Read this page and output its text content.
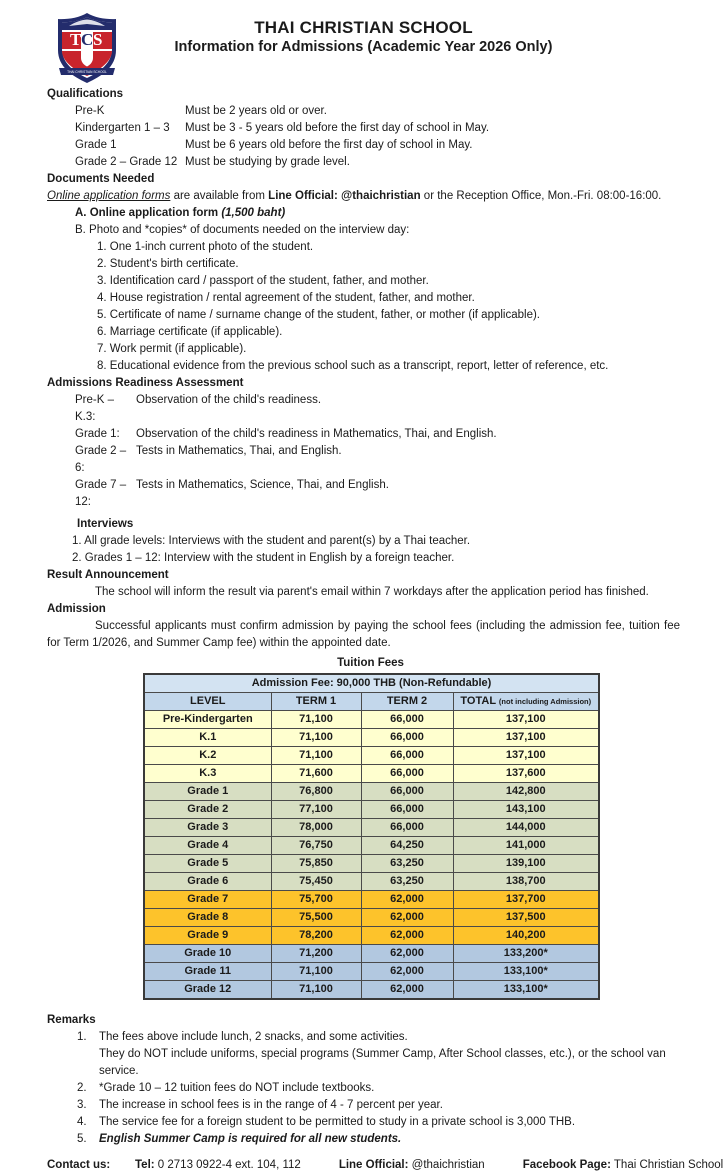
T C S
THAI CHRISTIAN SCHOOL
THAI CHRISTIAN SCHOOL
Information for Admissions (Academic Year 2026 Only)
Qualifications
Pre-K	Must be 2 years old or over.
Kindergarten 1 – 3	Must be 3 - 5 years old before the first day of school in May.
Grade 1	Must be 6 years old before the first day of school in May.
Grade 2 – Grade 12 Must be studying by grade level.
Documents Needed
Online application forms are available from Line Official: @thaichristian or the Reception Office, Mon.-Fri. 08:00-16:00.
A. Online application form (1,500 baht)
B. Photo and *copies* of documents needed on the interview day:
1. One 1-inch current photo of the student.
2. Student's birth certificate.
3. Identification card / passport of the student, father, and mother.
4. House registration / rental agreement of the student, father, and mother.
5. Certificate of name / surname change of the student, father, or mother (if applicable).
6. Marriage certificate (if applicable).
7. Work permit (if applicable).
8. Educational evidence from the previous school such as a transcript, report, letter of reference, etc.
Admissions Readiness Assessment
Pre-K – K.3:
Observation of the child's readiness.
Grade 1:	Observation of the child's readiness in Mathematics, Thai, and English.
Grade 2 – 6:
Tests in Mathematics, Thai, and English.
Grade 7 – 12:
Tests in Mathematics, Science, Thai, and English.
Interviews
1. All grade levels: Interviews with the student and parent(s) by a Thai teacher.
2. Grades 1 – 12: Interview with the student in English by a foreign teacher.
Result Announcement
The school will inform the result via parent's email within 7 workdays after the application period has finished.
Admission
Successful applicants must confirm admission by paying the school fees (including the admission fee, tuition fee for Term 1/2026, and Summer Camp fee) within the appointed date.
Tuition Fees
Admission Fee: 90,000 THB (Non-Refundable)			
LEVEL	TERM 1	TERM 2	TOTAL (not including Admission)
Pre-Kindergarten	71,100	66,000	137,100
K.1	71,100	66,000	137,100
K.2	71,100	66,000	137,100
K.3	71,600	66,000	137,600
Grade 1	76,800	66,000	142,800
Grade 2	77,100	66,000	143,100
Grade 3	78,000	66,000	144,000
Grade 4	76,750	64,250	141,000
Grade 5	75,850	63,250	139,100
Grade 6	75,450	63,250	138,700
Grade 7	75,700	62,000	137,700
Grade 8	75,500	62,000	137,500
Grade 9	78,200	62,000	140,200
Grade 10	71,200	62,000	133,200*
Grade 11	71,100	62,000	133,100*
Grade 12	71,100	62,000	133,100*
Remarks
1.	The fees above include lunch, 2 snacks, and some activities.
They do NOT include uniforms, special programs (Summer Camp, After School classes, etc.), or the school van service.
2.	*Grade 10 – 12 tuition fees do NOT include textbooks.
3.	The increase in school fees is in the range of 4 - 7 percent per year.
4.	The service fee for a foreign student to be permitted to study in a private school is 3,000 THB.
5.	English Summer Camp is required for all new students.
Contact us:	Tel: 0 2713 0922-4 ext. 104, 112	Line Official: @thaichristian	Facebook Page: Thai Christian School
